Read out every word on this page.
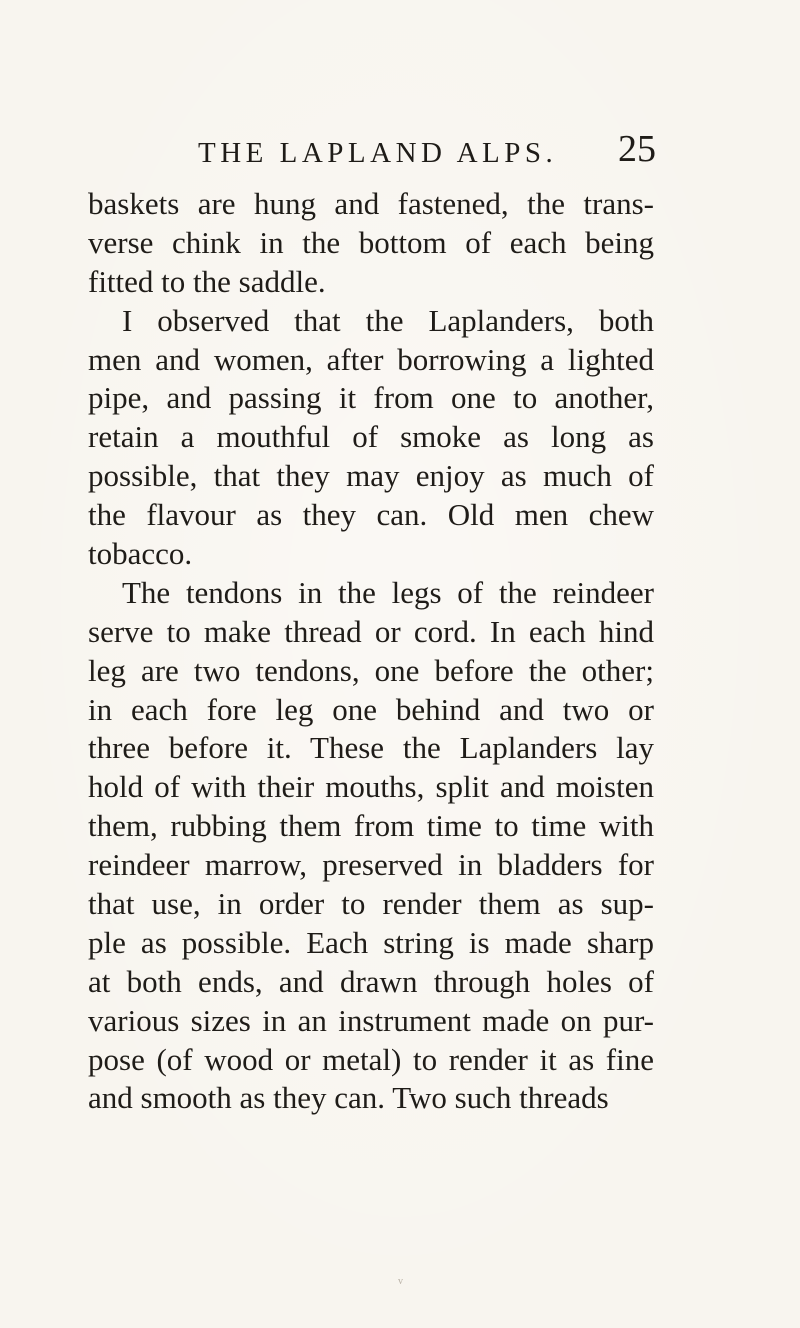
THE LAPLAND ALPS. 25
baskets are hung and fastened, the trans-
verse chink in the bottom of each being
fitted to the saddle.
I observed that the Laplanders, both
men and women, after borrowing a lighted
pipe, and passing it from one to another,
retain a mouthful of smoke as long as
possible, that they may enjoy as much of
the flavour as they can. Old men chew
tobacco.
The tendons in the legs of the reindeer
serve to make thread or cord. In each hind
leg are two tendons, one before the other;
in each fore leg one behind and two or
three before it. These the Laplanders lay
hold of with their mouths, split and moisten
them, rubbing them from time to time with
reindeer marrow, preserved in bladders for
that use, in order to render them as sup-
ple as possible. Each string is made sharp
at both ends, and drawn through holes of
various sizes in an instrument made on pur-
pose (of wood or metal) to render it as fine
and smooth as they can. Two such threads
v
